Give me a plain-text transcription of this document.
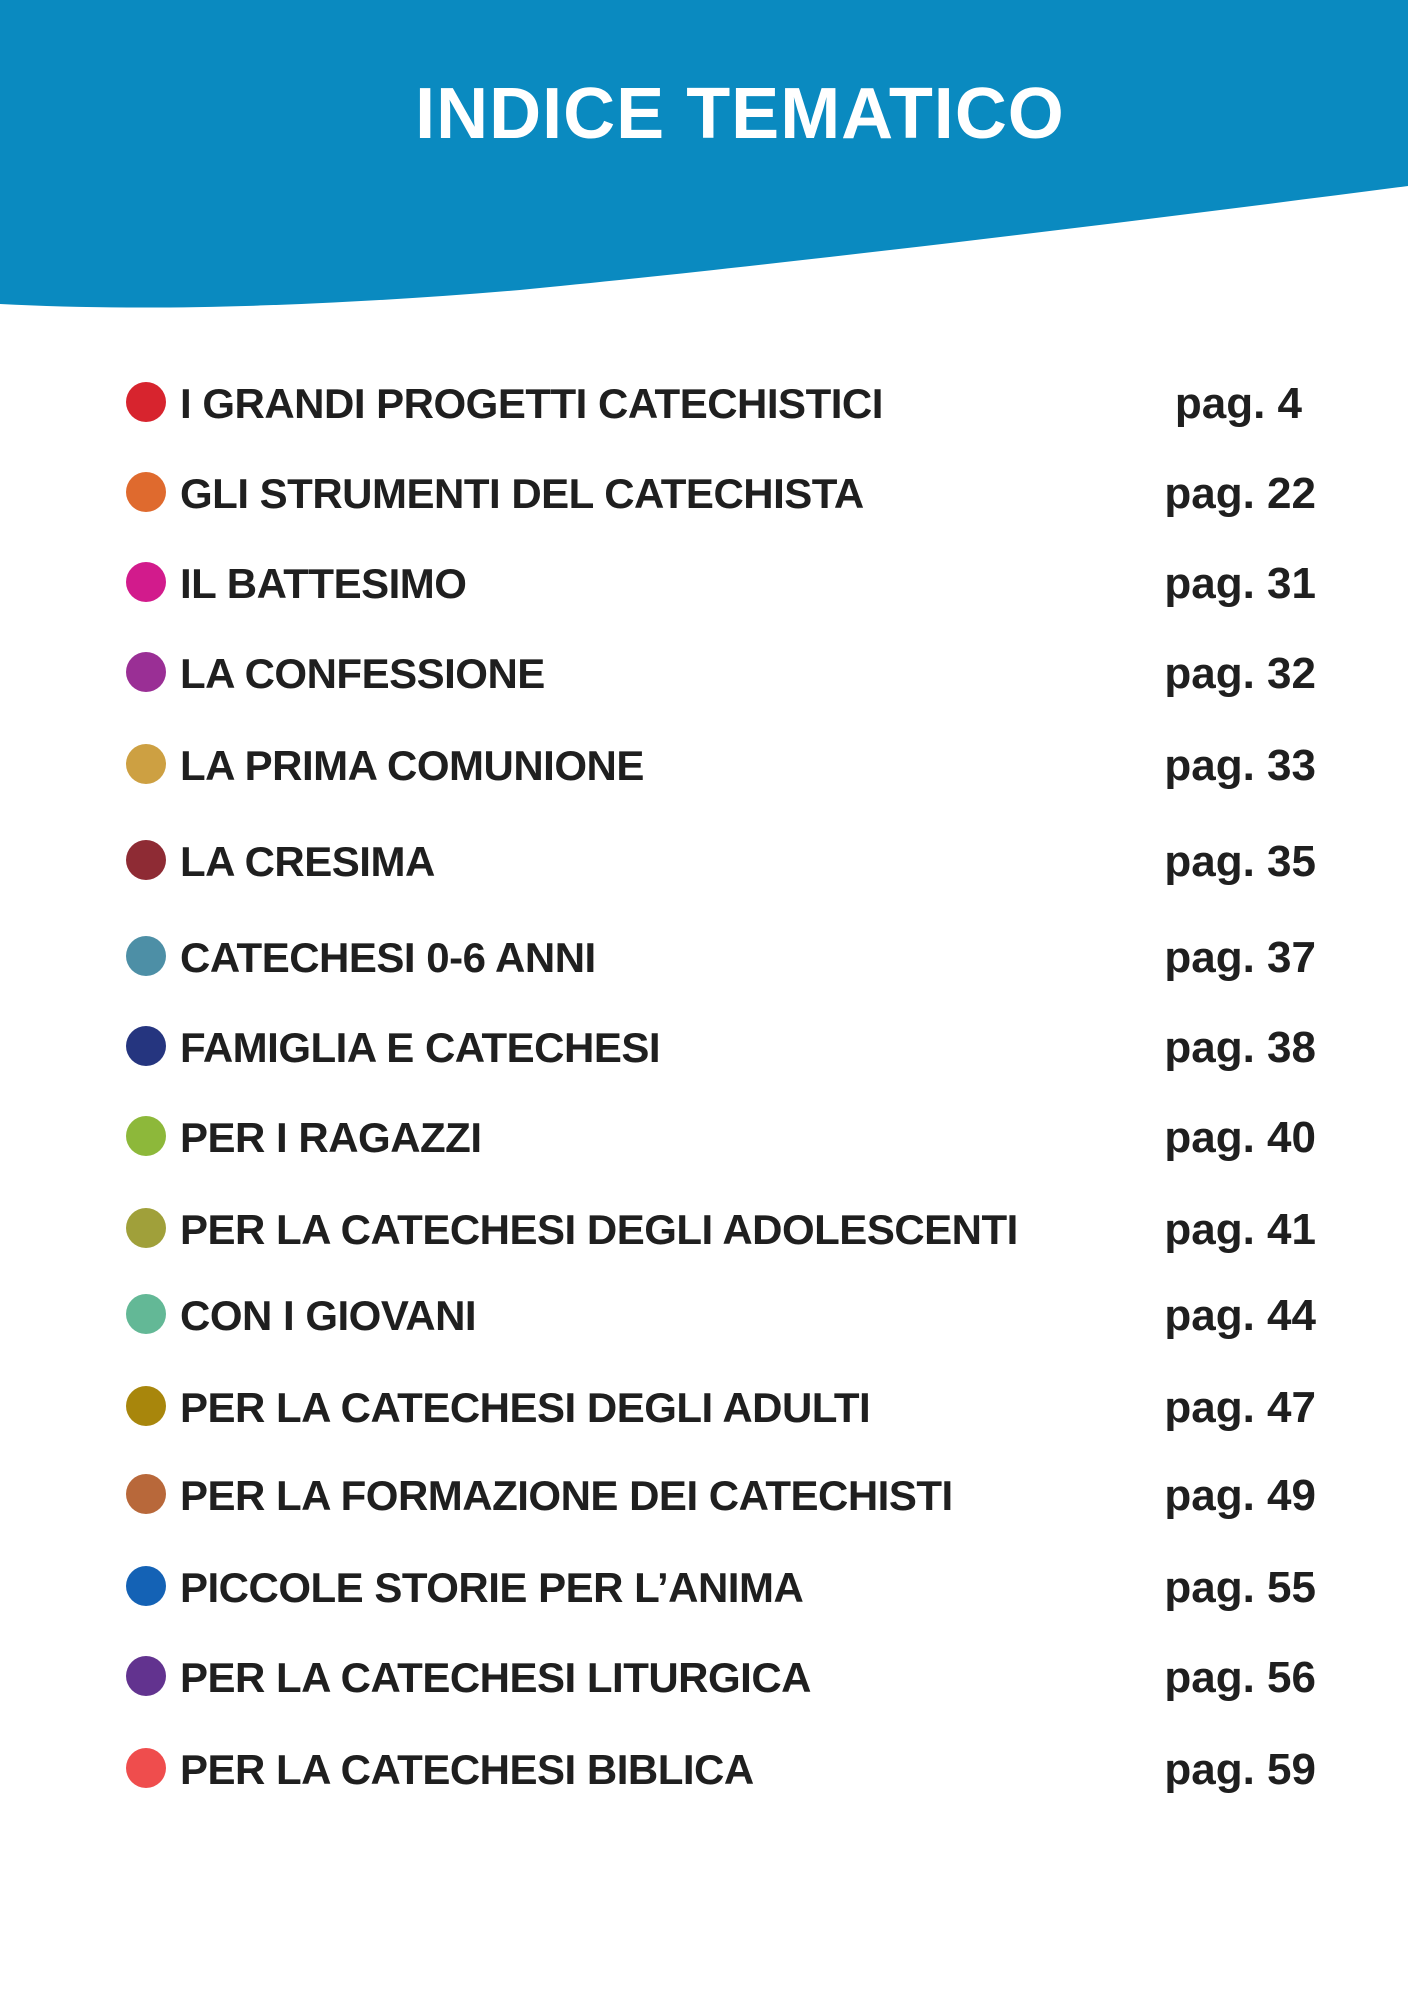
INDICE TEMATICO
I GRANDI PROGETTI CATECHISTICI	pag. 4
GLI STRUMENTI DEL CATECHISTA	pag. 22
IL BATTESIMO	pag. 31
LA CONFESSIONE	pag. 32
LA PRIMA COMUNIONE	pag. 33
LA CRESIMA	pag. 35
CATECHESI 0-6 ANNI	pag. 37
FAMIGLIA E CATECHESI	pag. 38
PER I RAGAZZI	pag. 40
PER LA CATECHESI DEGLI ADOLESCENTI	pag. 41
CON I GIOVANI	pag. 44
PER LA CATECHESI DEGLI ADULTI	pag. 47
PER LA FORMAZIONE DEI CATECHISTI	pag. 49
PICCOLE STORIE PER L’ANIMA	pag. 55
PER LA CATECHESI LITURGICA	pag. 56
PER LA CATECHESI BIBLICA	pag. 59
